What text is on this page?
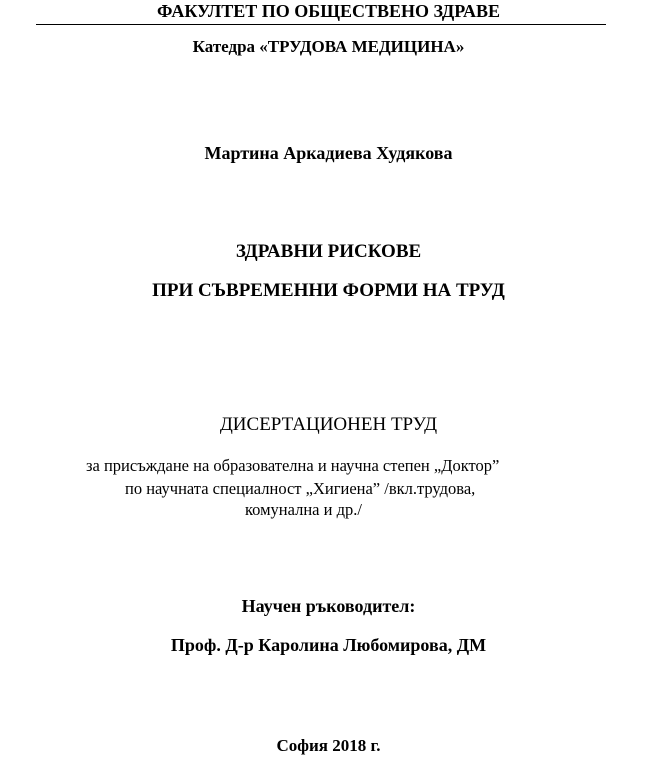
ФАКУЛТЕТ ПО ОБЩЕСТВЕНО ЗДРАВЕ
Катедра «ТРУДОВА МЕДИЦИНА»
Мартина Аркадиева Худякова
ЗДРАВНИ РИСКОВЕ
ПРИ СЪВРЕМЕННИ ФОРМИ НА ТРУД
ДИСЕРТАЦИОНЕН ТРУД
за присъждане на образователна и научна степен „Доктор”
по научната специалност „Хигиена” /вкл.трудова,
комунална и др./
Научен ръководител:
Проф. Д-р Каролина Любомирова, ДМ
София 2018 г.
